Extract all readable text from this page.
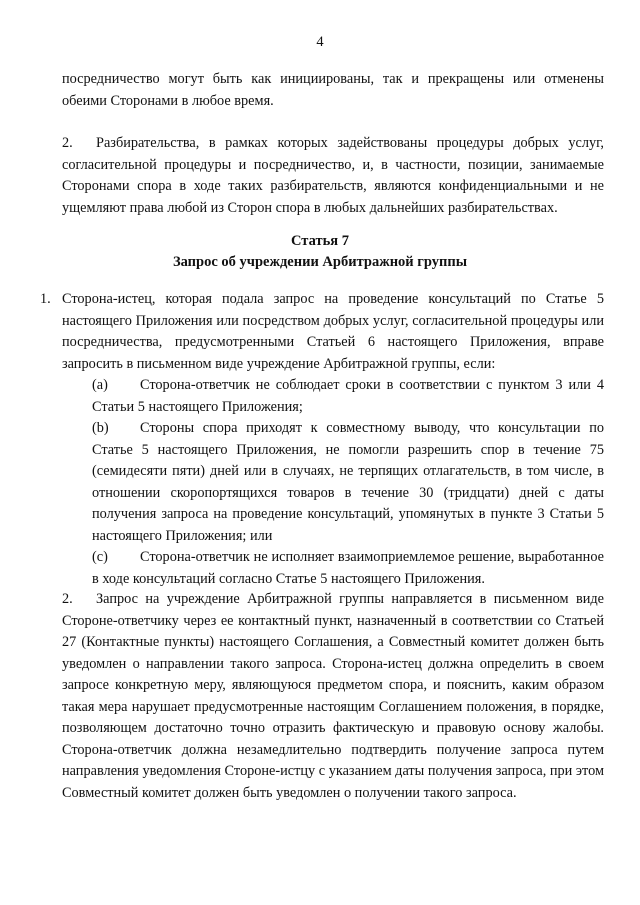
4

посредничество могут быть как инициированы, так и прекращены или отменены обеими Сторонами в любое время.

2. Разбирательства, в рамках которых задействованы процедуры добрых услуг, согласительной процедуры и посредничество, и, в частности, позиции, занимаемые Сторонами спора в ходе таких разбирательств, являются конфиденциальными и не ущемляют права любой из Сторон спора в любых дальнейших разбирательствах.

Статья 7
Запрос об учреждении Арбитражной группы
1. Сторона-истец, которая подала запрос на проведение консультаций по Статье 5 настоящего Приложения или посредством добрых услуг, согласительной процедуры или посредничества, предусмотренными Статьей 6 настоящего Приложения, вправе запросить в письменном виде учреждение Арбитражной группы, если:
(a) Сторона-ответчик не соблюдает сроки в соответствии с пунктом 3 или 4 Статьи 5 настоящего Приложения;
(b) Стороны спора приходят к совместному выводу, что консультации по Статье 5 настоящего Приложения, не помогли разрешить спор в течение 75 (семидесяти пяти) дней или в случаях, не терпящих отлагательств, в том числе, в отношении скоропортящихся товаров в течение 30 (тридцати) дней с даты получения запроса на проведение консультаций, упомянутых в пункте 3 Статьи 5 настоящего Приложения; или
(c) Сторона-ответчик не исполняет взаимоприемлемое решение, выработанное в ходе консультаций согласно Статье 5 настоящего Приложения.

2. Запрос на учреждение Арбитражной группы направляется в письменном виде Стороне-ответчику через ее контактный пункт, назначенный в соответствии со Статьей 27 (Контактные пункты) настоящего Соглашения, а Совместный комитет должен быть уведомлен о направлении такого запроса. Сторона-истец должна определить в своем запросе конкретную меру, являющуюся предметом спора, и пояснить, каким образом такая мера нарушает предусмотренные настоящим Соглашением положения, в порядке, позволяющем достаточно точно отразить фактическую и правовую основу жалобы. Сторона-ответчик должна незамедлительно подтвердить получение запроса путем направления уведомления Стороне-истцу с указанием даты получения запроса, при этом Совместный комитет должен быть уведомлен о получении такого запроса.
